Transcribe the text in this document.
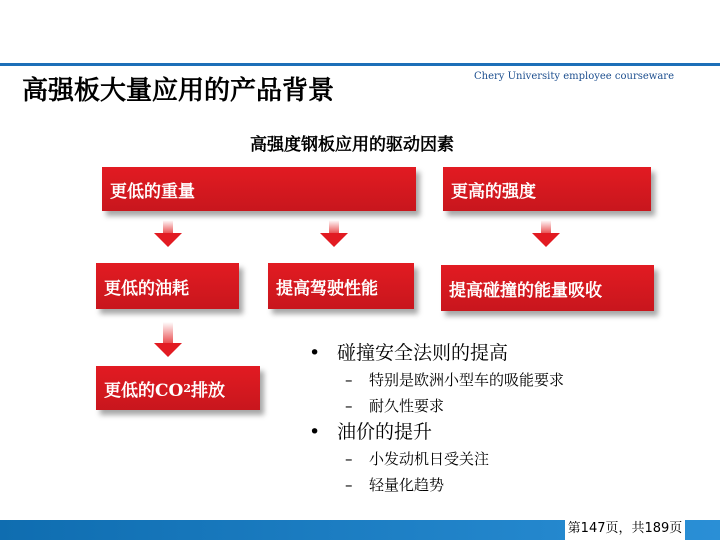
高强板大量应用的产品背景	Chery University employee courseware
高强度钢板应用的驱动因素
更低的重量	更高的强度
更低的油耗	提高驾驶性能	提高碰撞的能量吸收
更低的CO 2 排放
• 碰撞安全法则的提高
– 特别是欧洲小型车的吸能要求
– 耐久性要求
• 油价的提升
– 小发动机日受关注
– 轻量化趋势
第147页，共189页
